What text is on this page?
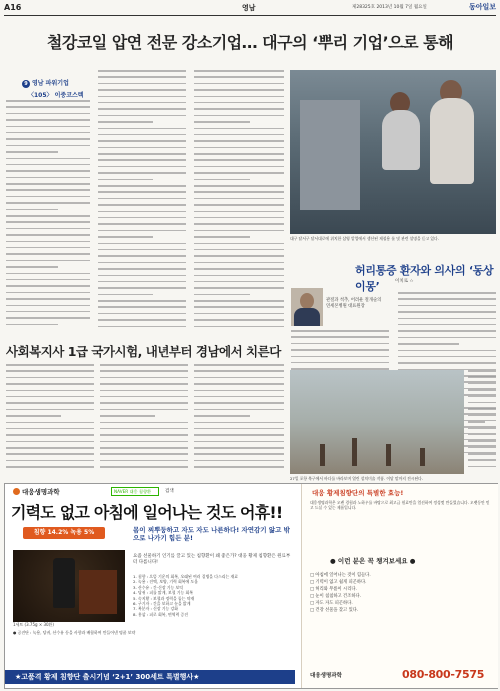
A16	영남	제28325호 2013년 10월 7일 월요일	동아일보
철강코일 압연 전문 강소기업… 대구의 ‘뿌리 기업’으로 통해
9 영남 파워기업
〈105〉 이중코스텍
대구 달서구 달서대로에 위치한 삼영 알업에서 생산된 제철용 롤 및 관련 설명을 듣고 있다.
허리통증 환자와 의사의 ‘동상이몽’	이치로 ☆
관절과 척추, 어려운 절개술의
연세본병원 대표원장
사회복지사 1급 국가시험, 내년부터 경남에서 치른다
27일 포항 북구에서 바다를 바라보며 열린 설치미술 작품. 이달 말까지 전시된다.
대웅생명과학	NAVER 대웅 침향환	검색
기력도 없고 아침에 일어나는 것도 어휴!!
침향 14.2% 녹용 5%
1세트 (3.75g × 30환)
몸이 찌뿌둥하고 자도 자도 나른하다! 자연감기 앓고 밖으로 나가기 힘든 분!
요즘 선물하기 인기를 끌고 있는 침향환이 왜 좋은가? 대웅 황제 침향환은 원료부터 다릅니다!
1. 침향 : 으뜸 기운의 회복, 오래된 여러 질병을 다스리는 재료
2. 녹용 : 진액, 보양, 기력 회복에 도움
3. 산수유 : 간·신장 기능 보익
4. 당귀 : 피를 맑게, 보혈 기능 회복
5. 숙지황 : 보혈과 정력을 돕는 약재
6. 구기자 : 간을 보하고 눈을 밝게
7. 복분자 : 신장 기능 강화
8. 홍삼 : 피로 회복, 면역력 증진
● 공진단 : 녹용, 당귀, 산수유 등을 사향과 배합하여 만들어낸 명품 보약
★고품격 황제 침향단 출시기념 ‘2+1’ 300세트 특별행사★
대웅 황제침향단의 특별한 효능!
대웅생명과학은 오랜 경험과 노하우를 바탕으로 최고급 원료만을 엄선하여 정성껏 만들었습니다. 오랫동안 믿고 드실 수 있는 제품입니다.
● 이런 분은 꼭 챙겨보세요 ●
□ 아침에 일어나는 것이 힘들다.
□ 기력이 없고 쉽게 피곤하다.
□ 허리와 무릎이 시리다.
□ 눈이 침침하고 건조하다.
□ 자도 자도 피곤하다.
□ 건강 선물을 찾고 있다.
대웅생명과학	080-800-7575
